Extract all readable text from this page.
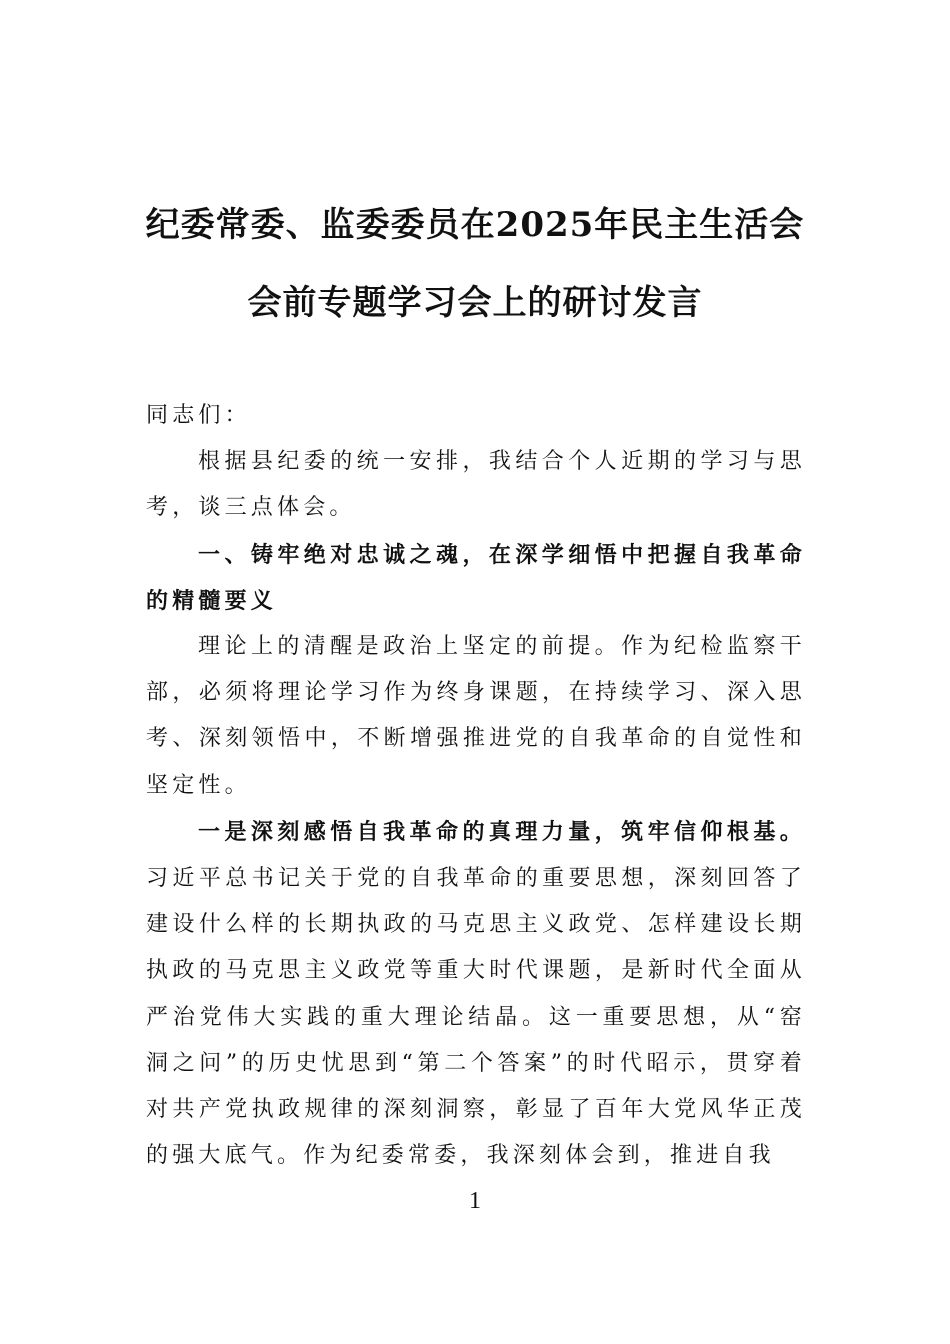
纪委常委、监委委员在2025年民主生活会
会前专题学习会上的研讨发言

同志们：

根据县纪委的统一安排，我结合个人近期的学习与思考，谈三点体会。

一、铸牢绝对忠诚之魂，在深学细悟中把握自我革命的精髓要义

理论上的清醒是政治上坚定的前提。作为纪检监察干部，必须将理论学习作为终身课题，在持续学习、深入思考、深刻领悟中，不断增强推进党的自我革命的自觉性和坚定性。

一是深刻感悟自我革命的真理力量，筑牢信仰根基。习近平总书记关于党的自我革命的重要思想，深刻回答了建设什么样的长期执政的马克思主义政党、怎样建设长期执政的马克思主义政党等重大时代课题，是新时代全面从严治党伟大实践的重大理论结晶。这一重要思想，从“窑洞之问”的历史忧思到“第二个答案”的时代昭示，贯穿着对共产党执政规律的深刻洞察，彰显了百年大党风华正茂的强大底气。作为纪委常委，我深刻体会到，推进自我

1
